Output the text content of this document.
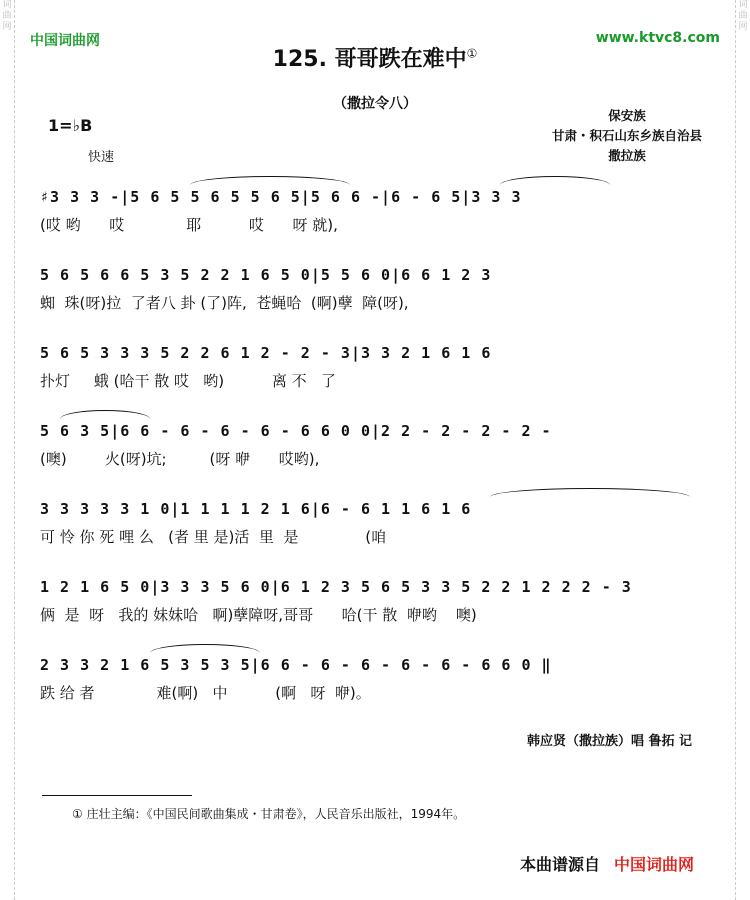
词
曲
网
词
曲
网
中国词曲网	www.ktvc8.com
125. 哥哥跌在难中①
（撒拉令八）
1=♭B
快速
保安族
甘肃・积石山东乡族自治县
撒拉族
♯3 3 3 -|5 6 5 5 6 5 5 6 5|5 6 6 -|6 - 6 5|3 3 3
(哎 哟      哎             耶          哎      呀 就),
5 6 5 6 6 5 3 5 2 2 1 6 5 0|5 5 6 0|6 6 1 2 3
蜘  珠(呀)拉  了者八 卦 (了)阵,  苍蝇哈  (啊)孽  障(呀),
5 6 5 3 3 3 5 2 2 6 1 2 - 2 - 3|3 3 2 1 6 1 6
扑灯     蛾 (哈干 散 哎   哟)          离 不   了
5 6 3 5|6 6 - 6 - 6 - 6 - 6 6 0 0|2 2 - 2 - 2 - 2 -
(噢)        火(呀)坑;         (呀 咿      哎哟),
3 3 3 3 3 1 0|1 1 1 1 2 1 6|6 - 6 1 1 6 1 6
可 怜 你 死 哩 么   (者 里 是)活  里  是              (咱
1 2 1 6 5 0|3 3 3 5 6 0|6 1 2 3 5 6 5 3 3 5 2 2 1 2 2 2 - 3
俩  是  呀   我的 妹妹哈   啊)孽障呀,哥哥      哈(干 散  咿哟    噢)
2 3 3 2 1 6 5 3 5 3 5|6 6 - 6 - 6 - 6 - 6 - 6 6 0 ‖
跌 给 者             难(啊)   中          (啊   呀  咿)。
韩应贤（撒拉族）唱 鲁拓 记
① 庄壮主编：《中国民间歌曲集成・甘肃卷》，人民音乐出版社，1994年。
本曲谱源自 中国词曲网
